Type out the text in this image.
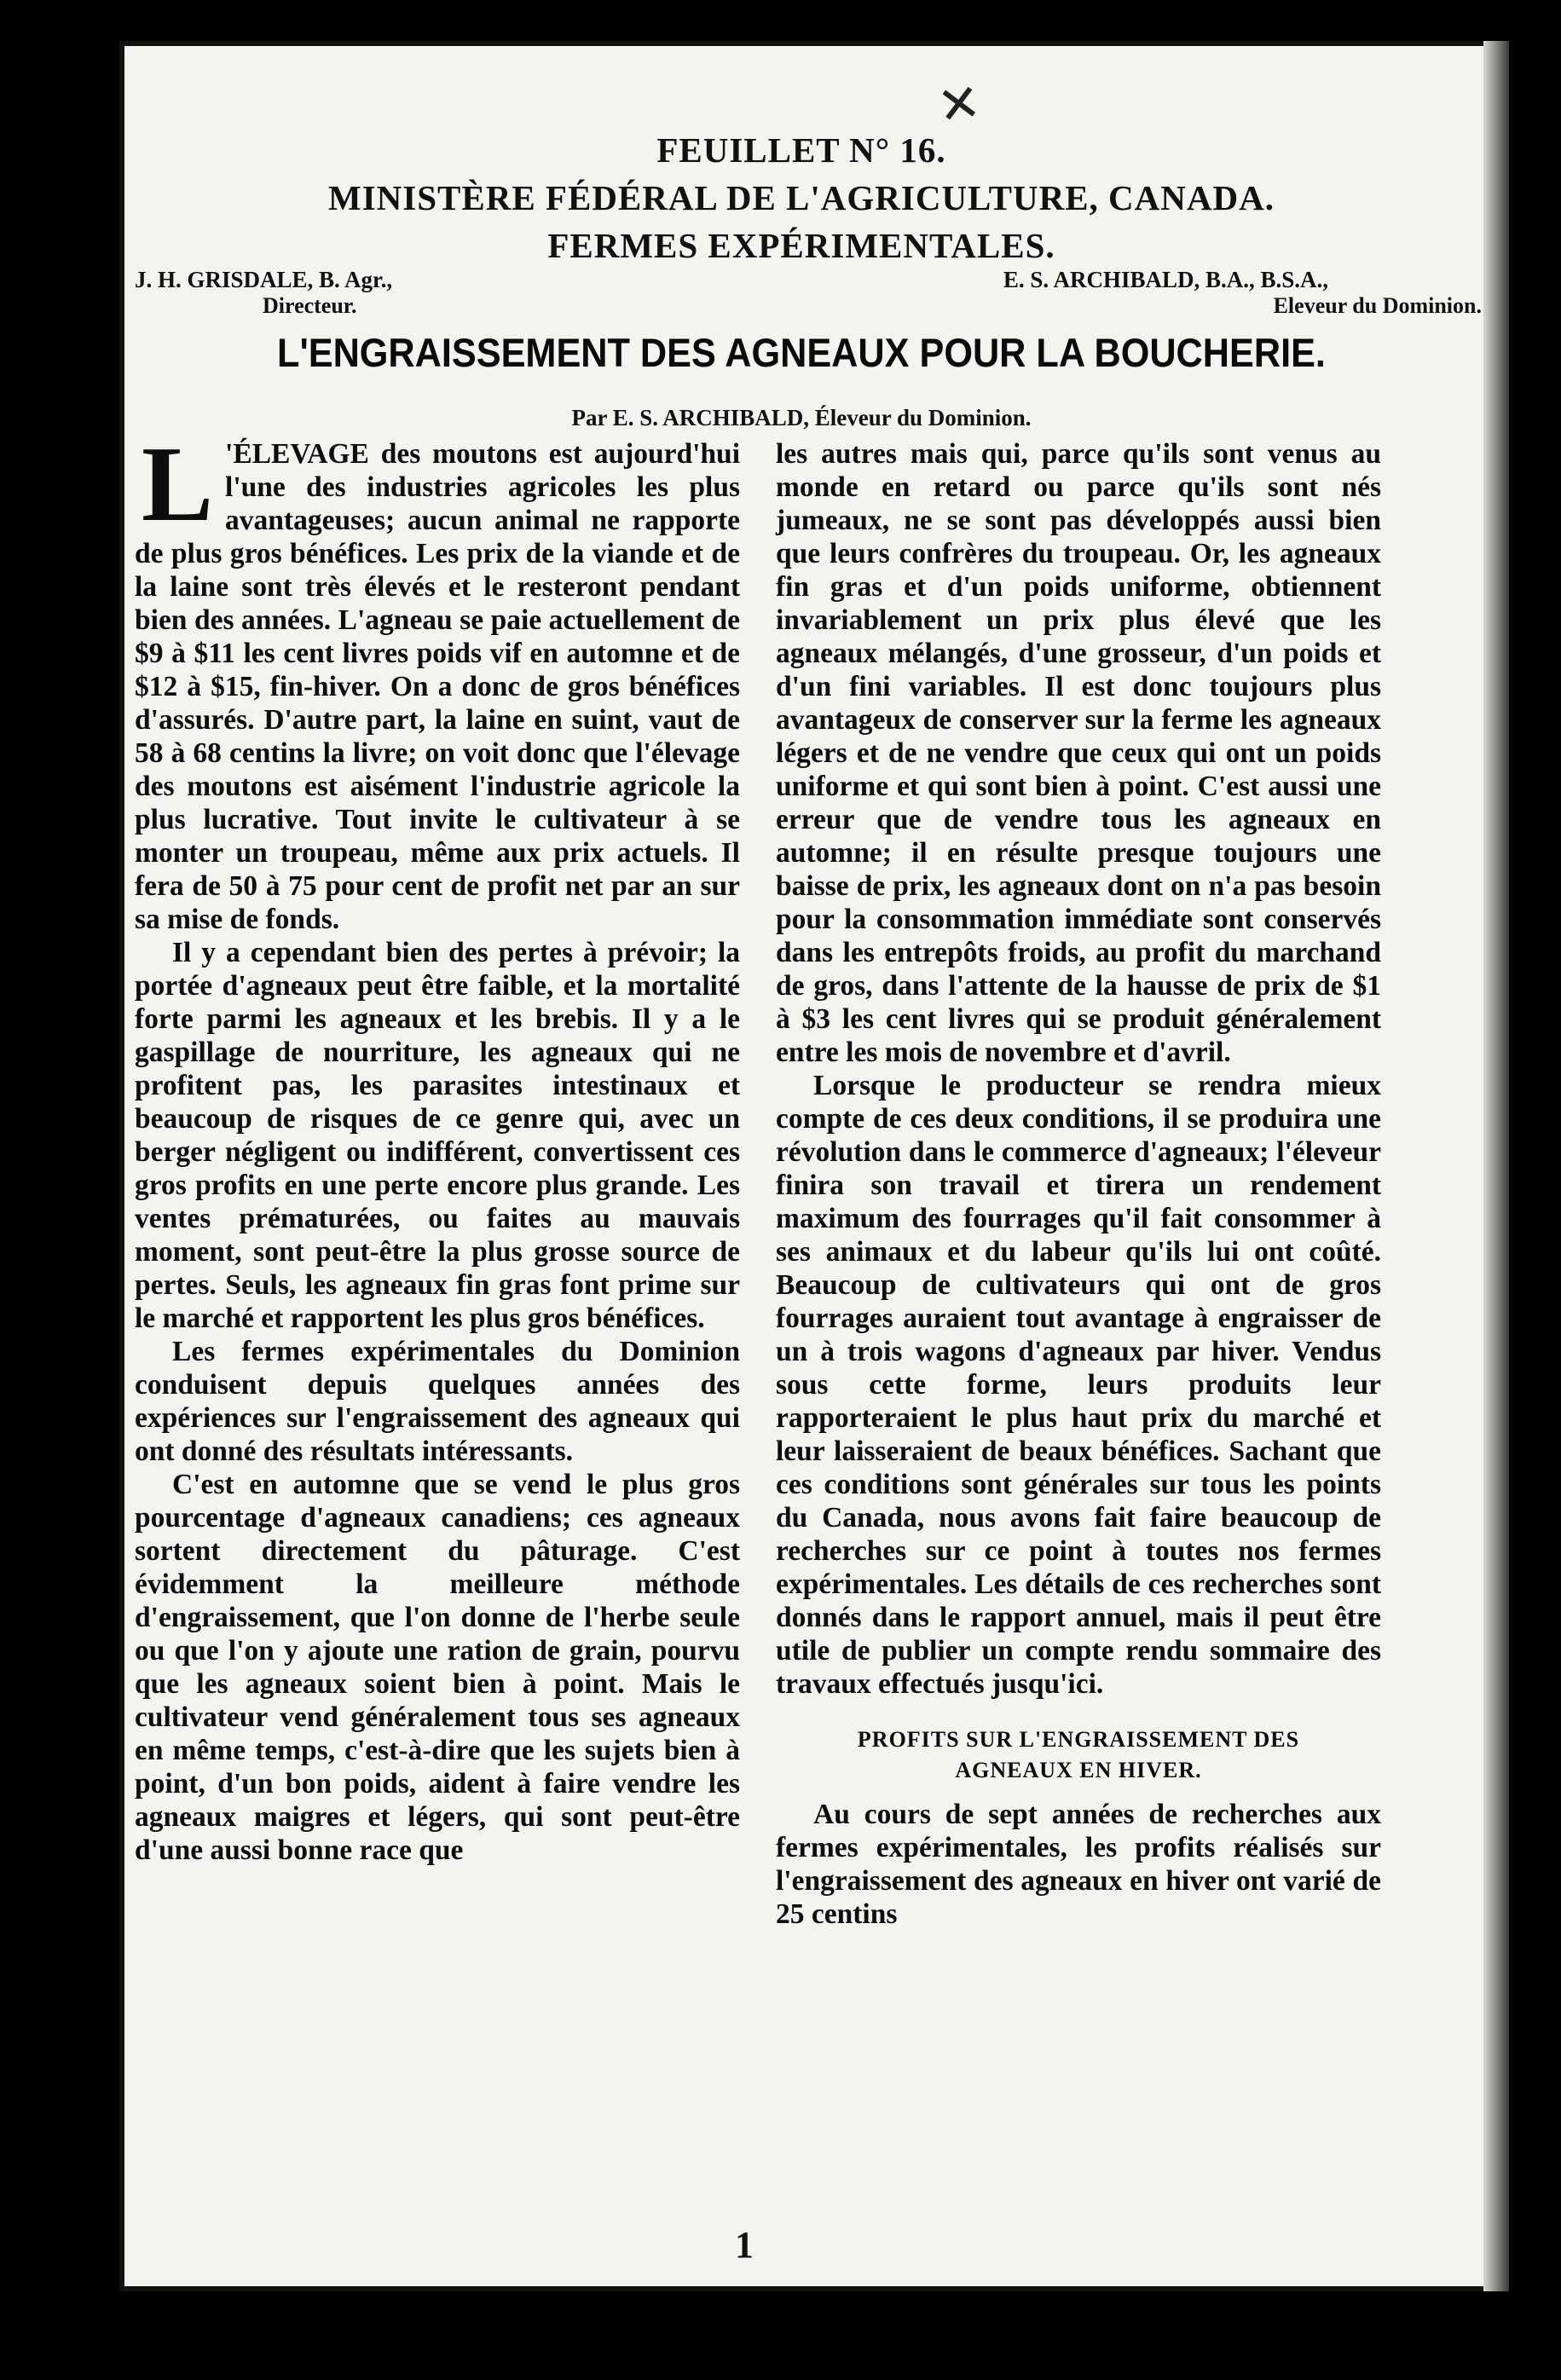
✕
FEUILLET N° 16.
MINISTÈRE FÉDÉRAL DE L'AGRICULTURE, CANADA.
FERMES EXPÉRIMENTALES.
J. H. GRISDALE, B. Agr.,
Directeur.
E. S. ARCHIBALD, B.A., B.S.A.,
Eleveur du Dominion.
L'ENGRAISSEMENT DES AGNEAUX POUR LA BOUCHERIE.
Par E. S. ARCHIBALD, Éleveur du Dominion.

L 'ÉLEVAGE des moutons est aujourd'hui l'une des industries agricoles les plus avantageuses; aucun animal ne rapporte de plus gros bénéfices. Les prix de la viande et de la laine sont très élevés et le resteront pendant bien des années. L'agneau se paie actuellement de $9 à $11 les cent livres poids vif en automne et de $12 à $15, fin-hiver. On a donc de gros bénéfices d'assurés. D'autre part, la laine en suint, vaut de 58 à 68 centins la livre; on voit donc que l'élevage des moutons est aisément l'industrie agricole la plus lucrative. Tout invite le cultivateur à se monter un troupeau, même aux prix actuels. Il fera de 50 à 75 pour cent de profit net par an sur sa mise de fonds.

Il y a cependant bien des pertes à prévoir; la portée d'agneaux peut être faible, et la mortalité forte parmi les agneaux et les brebis. Il y a le gaspillage de nourriture, les agneaux qui ne profitent pas, les parasites intestinaux et beaucoup de risques de ce genre qui, avec un berger négligent ou indifférent, convertissent ces gros profits en une perte encore plus grande. Les ventes prématurées, ou faites au mauvais moment, sont peut-être la plus grosse source de pertes. Seuls, les agneaux fin gras font prime sur le marché et rapportent les plus gros bénéfices.

Les fermes expérimentales du Dominion conduisent depuis quelques années des expériences sur l'engraissement des agneaux qui ont donné des résultats intéressants.

C'est en automne que se vend le plus gros pourcentage d'agneaux canadiens; ces agneaux sortent directement du pâturage. C'est évidemment la meilleure méthode d'engraissement, que l'on donne de l'herbe seule ou que l'on y ajoute une ration de grain, pourvu que les agneaux soient bien à point. Mais le cultivateur vend généralement tous ses agneaux en même temps, c'est-à-dire que les sujets bien à point, d'un bon poids, aident à faire vendre les agneaux maigres et légers, qui sont peut-être d'une aussi bonne race que

les autres mais qui, parce qu'ils sont venus au monde en retard ou parce qu'ils sont nés jumeaux, ne se sont pas développés aussi bien que leurs confrères du troupeau. Or, les agneaux fin gras et d'un poids uniforme, obtiennent invariablement un prix plus élevé que les agneaux mélangés, d'une grosseur, d'un poids et d'un fini variables. Il est donc toujours plus avantageux de conserver sur la ferme les agneaux légers et de ne vendre que ceux qui ont un poids uniforme et qui sont bien à point. C'est aussi une erreur que de vendre tous les agneaux en automne; il en résulte presque toujours une baisse de prix, les agneaux dont on n'a pas besoin pour la consommation immédiate sont conservés dans les entrepôts froids, au profit du marchand de gros, dans l'attente de la hausse de prix de $1 à $3 les cent livres qui se produit généralement entre les mois de novembre et d'avril.

Lorsque le producteur se rendra mieux compte de ces deux conditions, il se produira une révolution dans le commerce d'agneaux; l'éleveur finira son travail et tirera un rendement maximum des fourrages qu'il fait consommer à ses animaux et du labeur qu'ils lui ont coûté. Beaucoup de cultivateurs qui ont de gros fourrages auraient tout avantage à engraisser de un à trois wagons d'agneaux par hiver. Vendus sous cette forme, leurs produits leur rapporteraient le plus haut prix du marché et leur laisseraient de beaux bénéfices. Sachant que ces conditions sont générales sur tous les points du Canada, nous avons fait faire beaucoup de recherches sur ce point à toutes nos fermes expérimentales. Les détails de ces recherches sont donnés dans le rapport annuel, mais il peut être utile de publier un compte rendu sommaire des travaux effectués jusqu'ici.

PROFITS SUR L'ENGRAISSEMENT DES
AGNEAUX EN HIVER.

Au cours de sept années de recherches aux fermes expérimentales, les profits réalisés sur l'engraissement des agneaux en hiver ont varié de 25 centins

1
